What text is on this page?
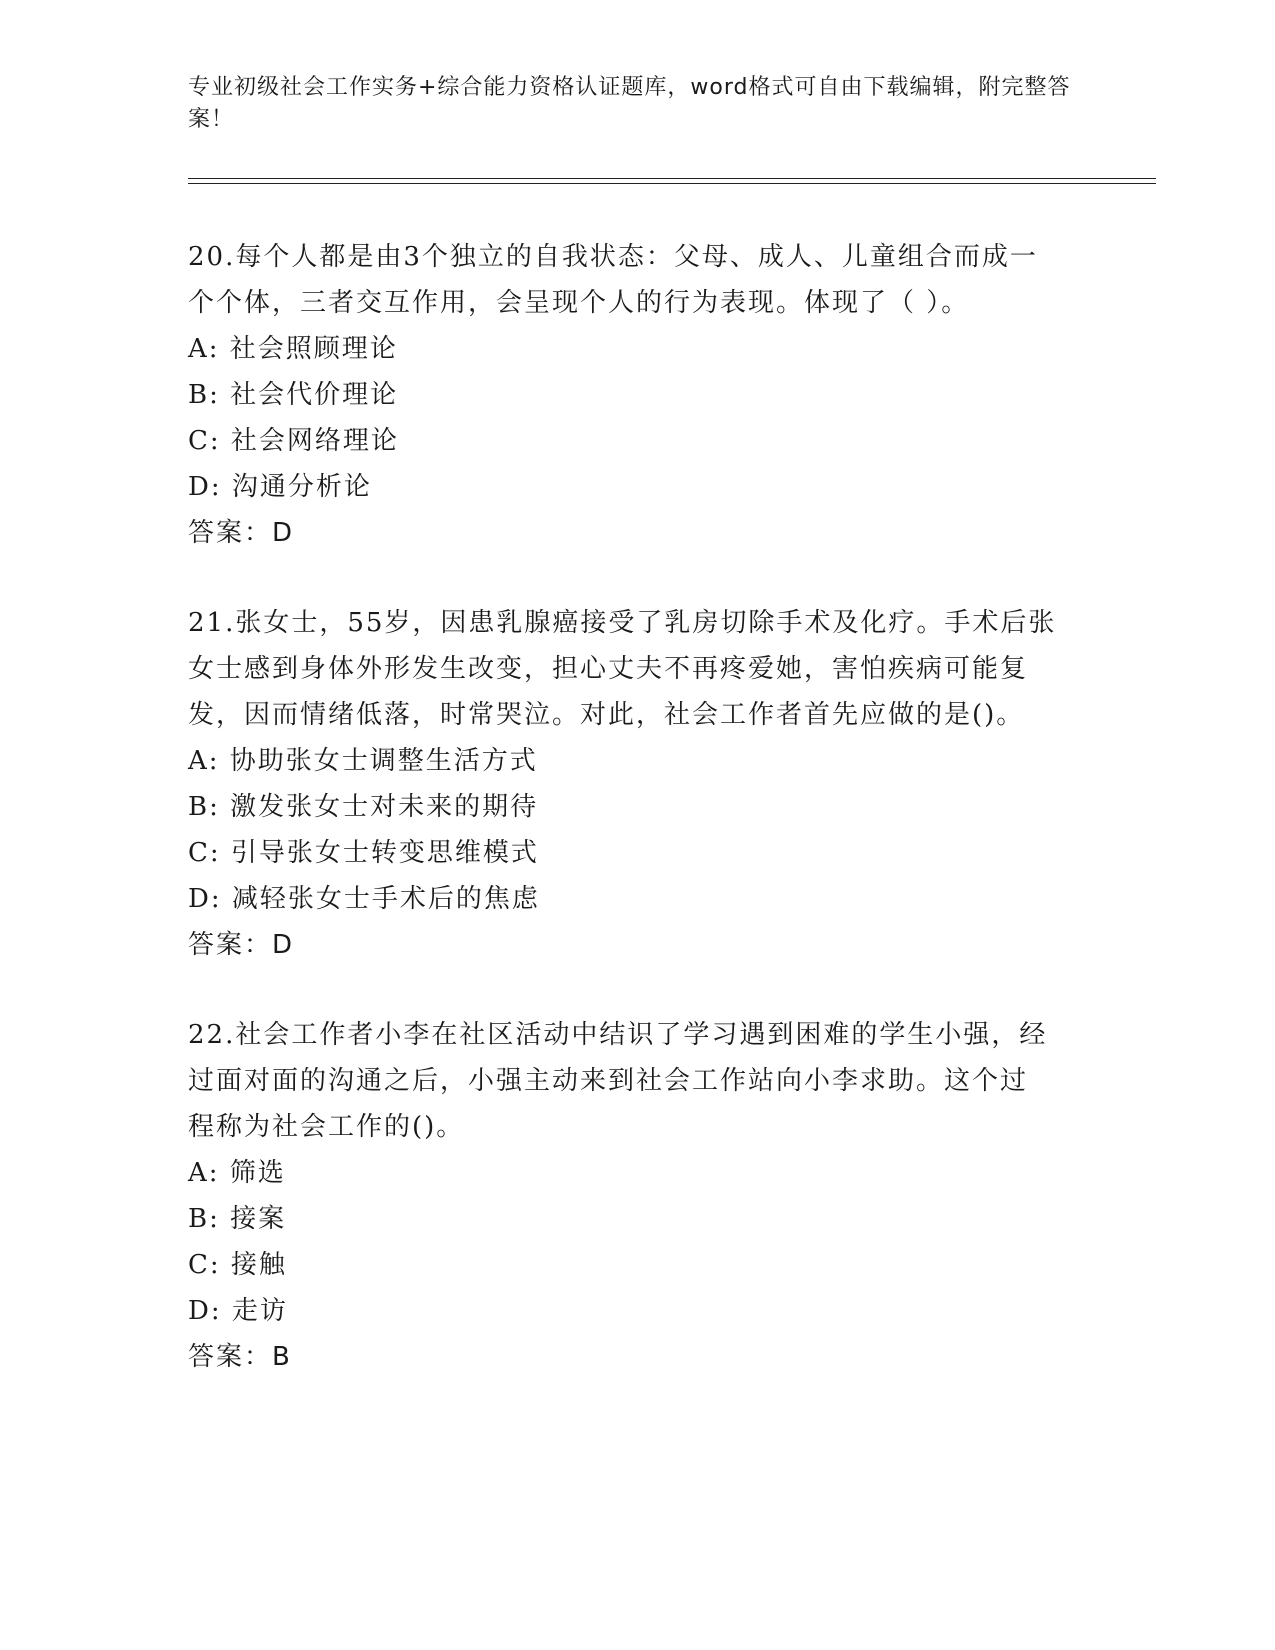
专业初级社会工作实务+综合能力资格认证题库，word格式可自由下载编辑，附完整答案！

20.每个人都是由3个独立的自我状态：父母、成人、儿童组合而成一

个个体，三者交互作用，会呈现个人的行为表现。体现了（ ）。

A: 社会照顾理论

B: 社会代价理论

C: 社会网络理论

D: 沟通分析论

答案：D

21.张女士，55岁，因患乳腺癌接受了乳房切除手术及化疗。手术后张

女士感到身体外形发生改变，担心丈夫不再疼爱她，害怕疾病可能复

发，因而情绪低落，时常哭泣。对此，社会工作者首先应做的是()。

A: 协助张女士调整生活方式

B: 激发张女士对未来的期待

C: 引导张女士转变思维模式

D: 减轻张女士手术后的焦虑

答案：D

22.社会工作者小李在社区活动中结识了学习遇到困难的学生小强，经

过面对面的沟通之后，小强主动来到社会工作站向小李求助。这个过

程称为社会工作的()。

A: 筛选

B: 接案

C: 接触

D: 走访

答案：B
